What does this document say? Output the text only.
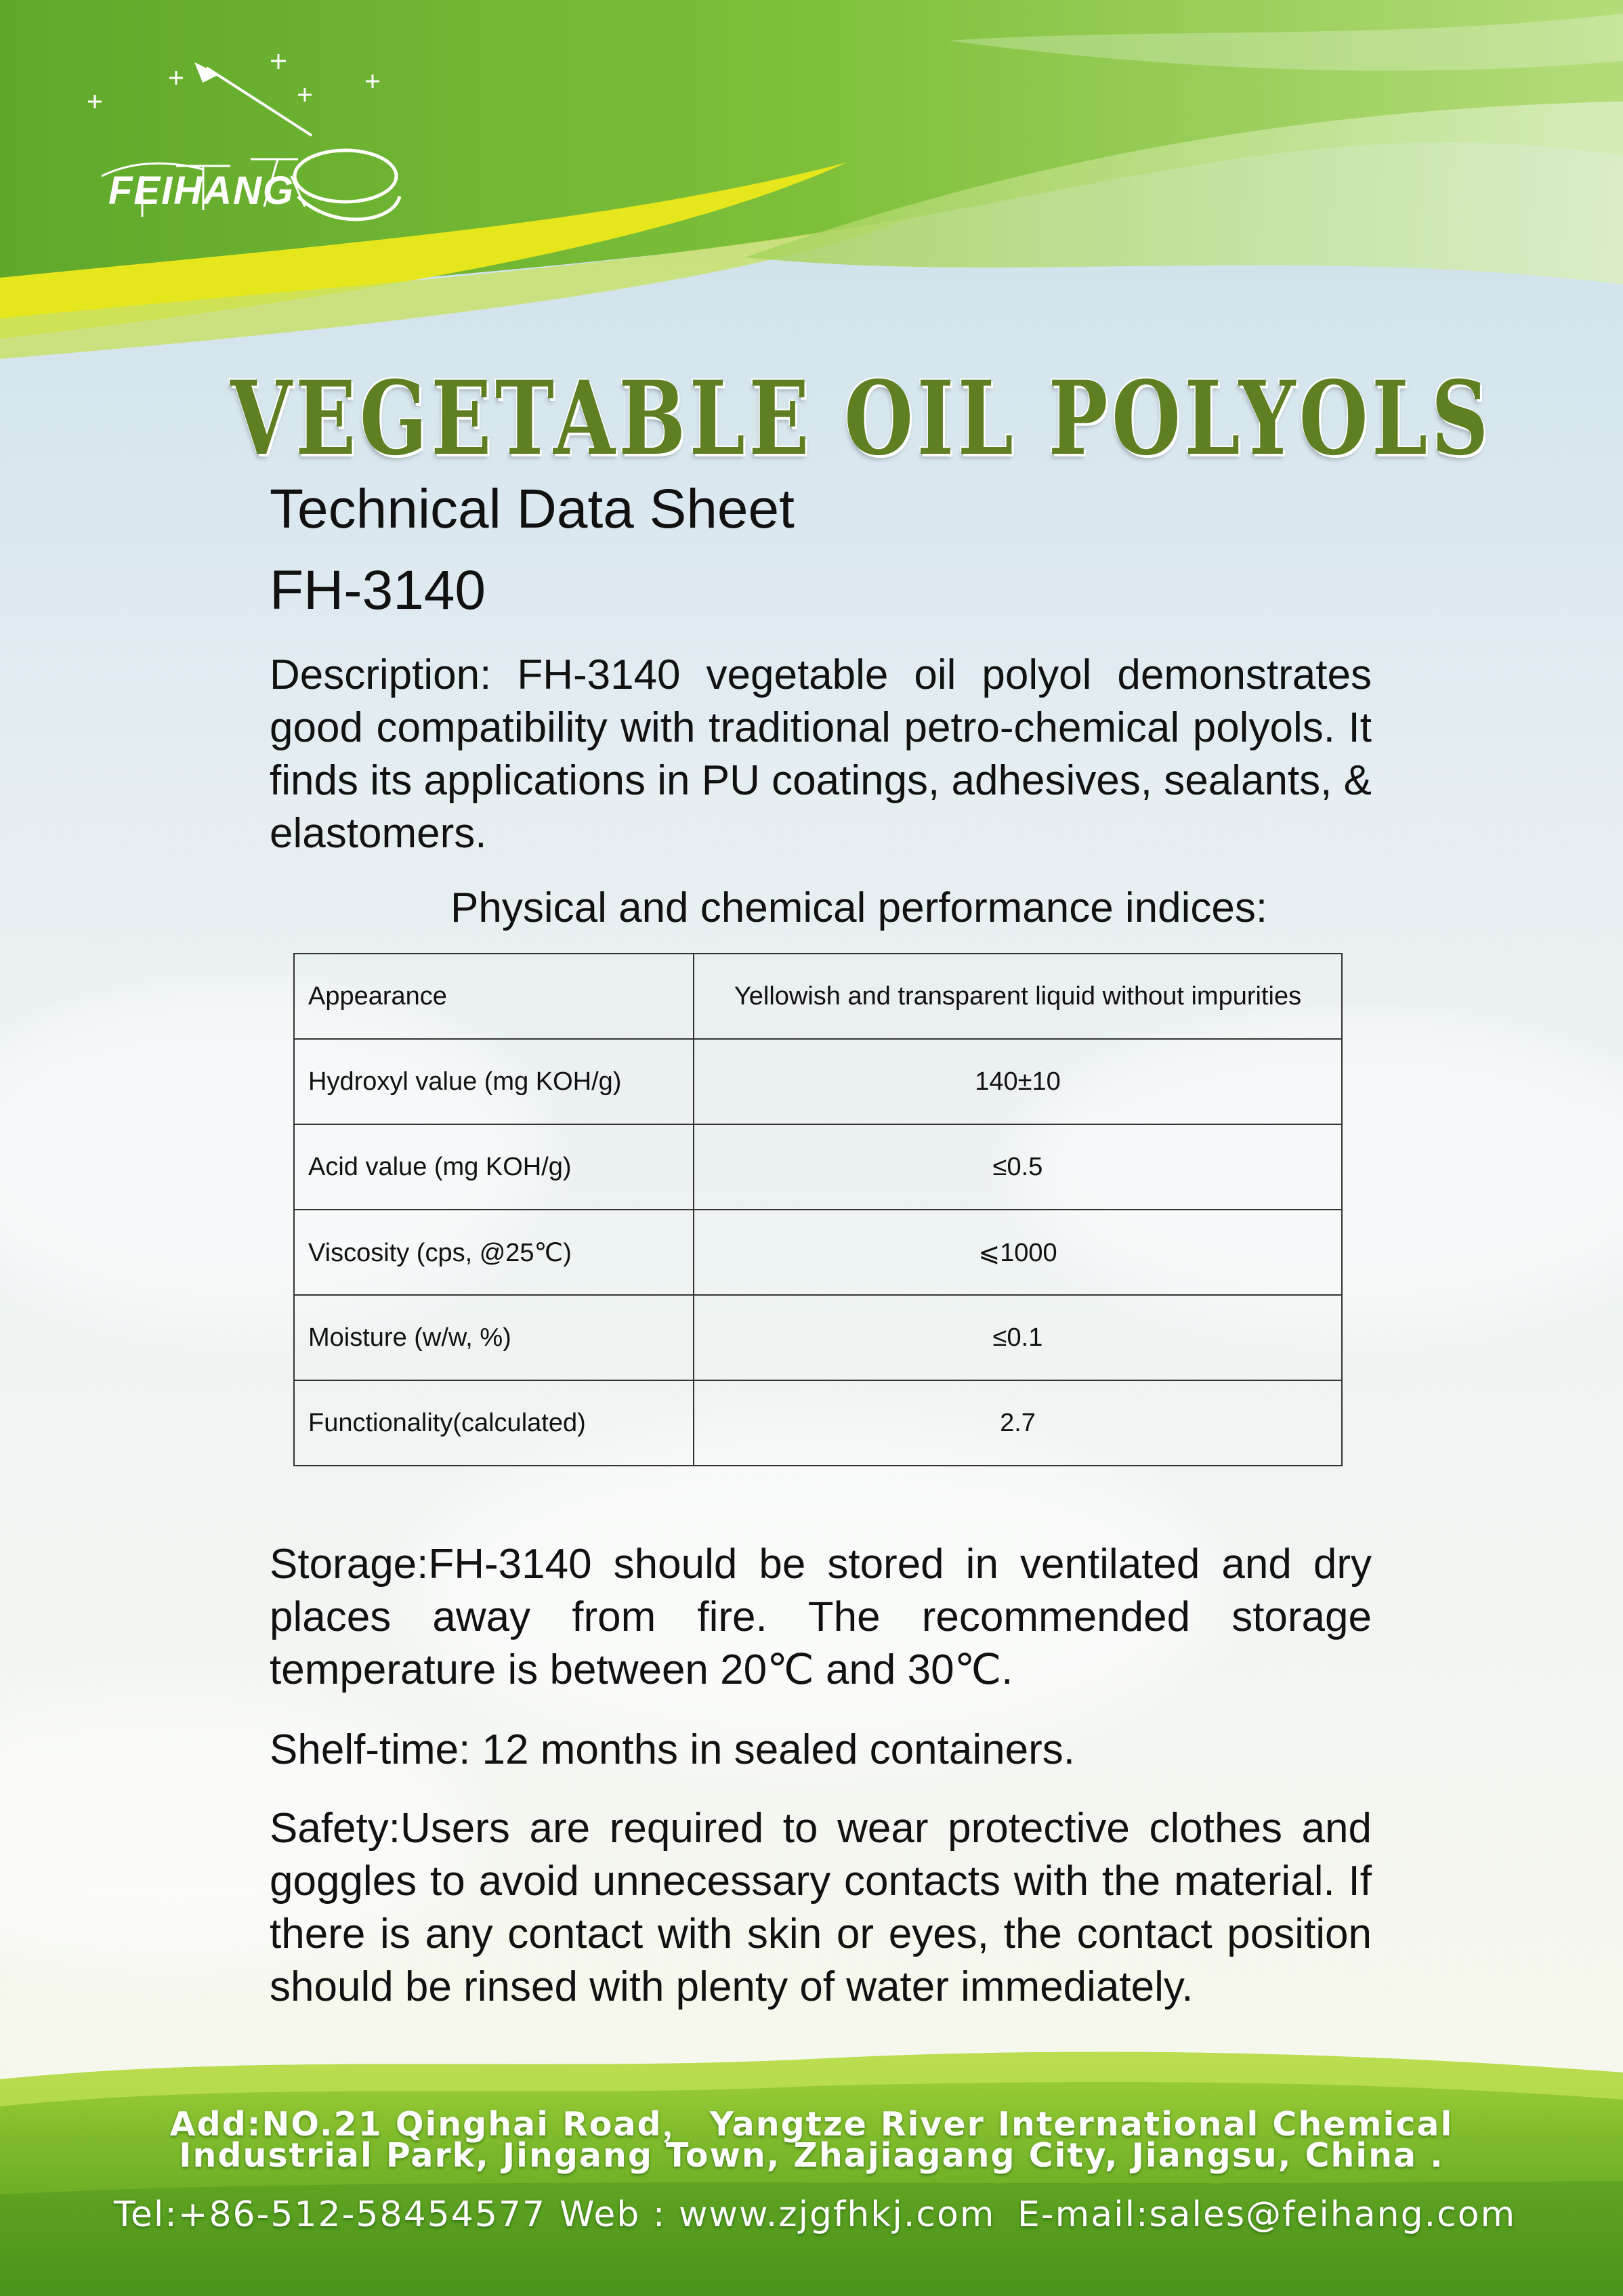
FEIHANG
VEGETABLE OIL POLYOLS
Technical Data Sheet
FH-3140
Description: FH-3140 vegetable oil polyol demonstrates good compatibility with traditional petro-chemical polyols. It finds its applications in PU coatings, adhesives, sealants, & elastomers.
Physical and chemical performance indices:
Appearance	Yellowish and transparent liquid without impurities
Hydroxyl value (mg KOH/g)	140±10
Acid value (mg KOH/g)	≤0.5
Viscosity (cps, @25℃)	⩽1000
Moisture (w/w, %)	≤0.1
Functionality(calculated)	2.7
Storage:FH-3140 should be stored in ventilated and dry places away from fire. The recommended storage temperature is between 20℃ and 30℃.
Shelf-time: 12 months in sealed containers.
Safety:Users are required to wear protective clothes and goggles to avoid unnecessary contacts with the material. If there is any contact with skin or eyes, the contact position should be rinsed with plenty of water immediately.
Add:NO.21 Qinghai Road， Yangtze River International Chemical
Industrial Park, Jingang Town, Zhajiagang City, Jiangsu, China .
Tel:+86-512-58454577 Web : www.zjgfhkj.com E-mail:sales@feihang.com
